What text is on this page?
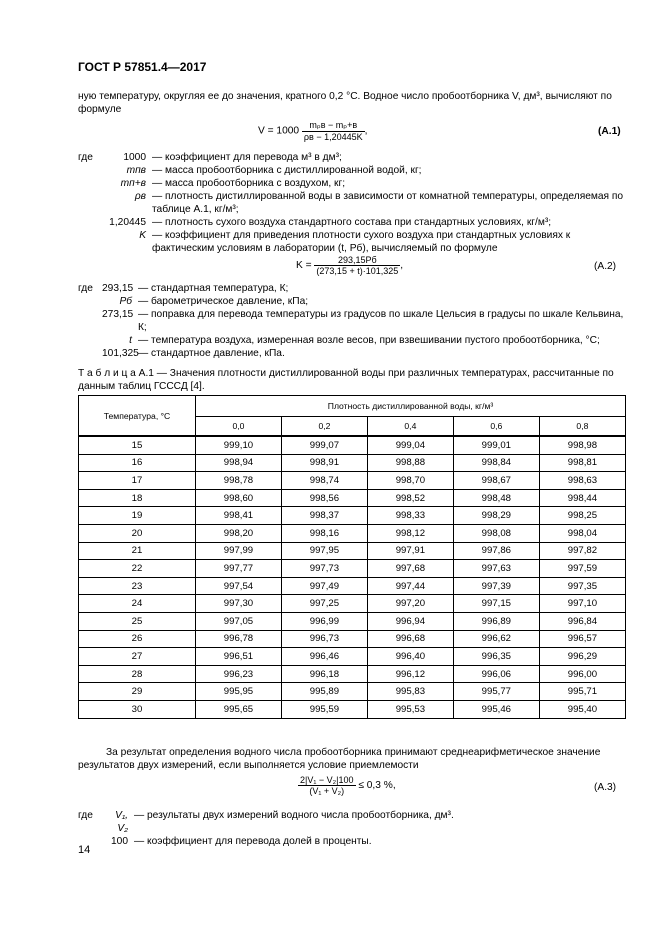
ГОСТ Р 57851.4—2017
ную температуру, округляя ее до значения, кратного 0,2 °С. Водное число пробоотборника V, дм³, вычисляют по формуле
$V = 1000 \frac{\text{mₚв − mₚ+в}}{\rho в - 1,20445K}$ ,	(A.1)
где	1000 — коэффициент для перевода м³ в дм³;
mпв — масса пробоотборника с дистиллированной водой, кг;
mп+в — масса пробоотборника с воздухом, кг;
ρв — плотность дистиллированной воды в зависимости от комнатной температуры, определяемая по таблице А.1, кг/м³;
1,20445 — плотность сухого воздуха стандартного состава при стандартных условиях, кг/м³;
K — коэффициент для приведения плотности сухого воздуха при стандартных условиях к фактическим условиям в лаборатории (t, Pб), вычисляемый по формуле
$K = \frac{293,15Pб}{(273,15 + t)\cdot 101,325}$ ,	(A.2)
где 293,15 — стандартная температура, К;
Pб — барометрическое давление, кПа;
273,15 — поправка для перевода температуры из градусов по шкале Цельсия в градусы по шкале Кельвина, К;
t — температура воздуха, измеренная возле весов, при взвешивании пустого пробоотборника, °С;
101,325 — стандартное давление, кПа.
Т а б л и ц а А.1 — Значения плотности дистиллированной воды при различных температурах, рассчитанные по данным таблиц ГСССД [4].
Температура, °С	Плотность дистиллированной воды, кг/м³				
	0,0	0,2	0,4	0,6	0,8
15	999,10	999,07	999,04	999,01	998,98
16	998,94	998,91	998,88	998,84	998,81
17	998,78	998,74	998,70	998,67	998,63
18	998,60	998,56	998,52	998,48	998,44
19	998,41	998,37	998,33	998,29	998,25
20	998,20	998,16	998,12	998,08	998,04
21	997,99	997,95	997,91	997,86	997,82
22	997,77	997,73	997,68	997,63	997,59
23	997,54	997,49	997,44	997,39	997,35
24	997,30	997,25	997,20	997,15	997,10
25	997,05	996,99	996,94	996,89	996,84
26	996,78	996,73	996,68	996,62	996,57
27	996,51	996,46	996,40	996,35	996,29
28	996,23	996,18	996,12	996,06	996,00
29	995,95	995,89	995,83	995,77	995,71
30	995,65	995,59	995,53	995,46	995,40
За результат определения водного числа пробоотборника принимают среднеарифметическое значение результатов двух измерений, если выполняется условие приемлемости
$\frac{\text{2|V₁ − V₂|100}}{\text{(V₁ + V₂)}} \le 0,3$ %,	(A.3)
где	V₁, V₂
— результаты двух измерений водного числа пробоотборника, дм³.
100 — коэффициент для перевода долей в проценты.
14
